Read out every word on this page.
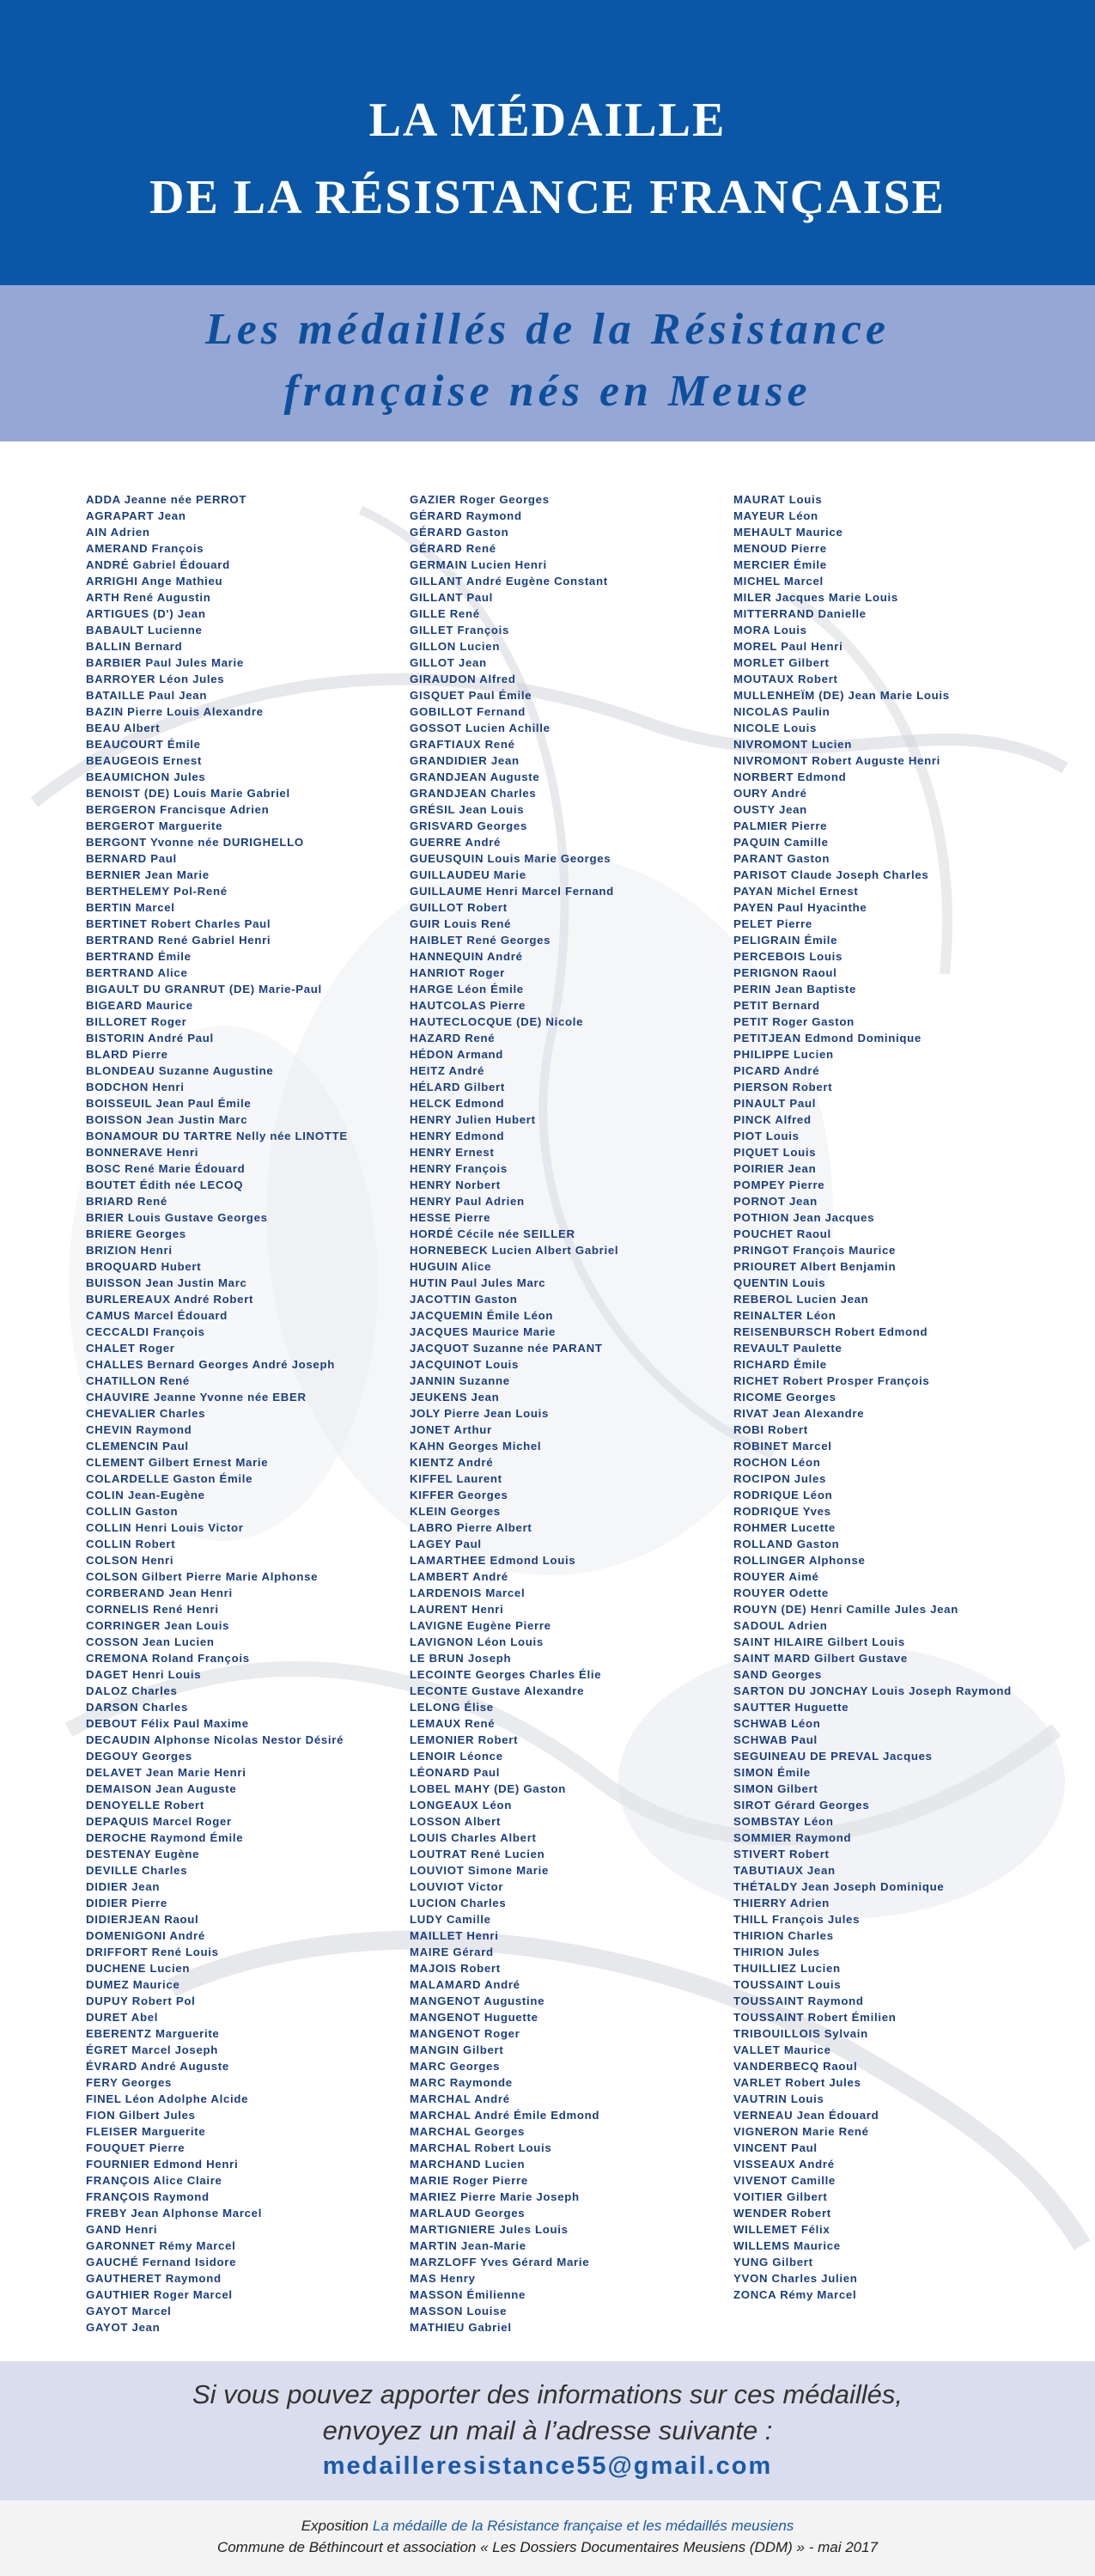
LA MÉDAILLE
DE LA RÉSISTANCE FRANÇAISE
Les médaillés de la Résistance
française nés en Meuse
ADDA Jeanne née PERROT
AGRAPART Jean
AIN Adrien
AMERAND François
ANDRÉ Gabriel Édouard
ARRIGHI Ange Mathieu
ARTH René Augustin
ARTIGUES (D') Jean
BABAULT Lucienne
BALLIN Bernard
BARBIER Paul Jules Marie
BARROYER Léon Jules
BATAILLE Paul Jean
BAZIN Pierre Louis Alexandre
BEAU Albert
BEAUCOURT Émile
BEAUGEOIS Ernest
BEAUMICHON Jules
BENOIST (DE) Louis Marie Gabriel
BERGERON Francisque Adrien
BERGEROT Marguerite
BERGONT Yvonne née DURIGHELLO
BERNARD Paul
BERNIER Jean Marie
BERTHELEMY Pol-René
BERTIN Marcel
BERTINET Robert Charles Paul
BERTRAND René Gabriel Henri
BERTRAND Émile
BERTRAND Alice
BIGAULT DU GRANRUT (DE) Marie-Paul
BIGEARD Maurice
BILLORET Roger
BISTORIN André Paul
BLARD Pierre
BLONDEAU Suzanne Augustine
BODCHON Henri
BOISSEUIL Jean Paul Émile
BOISSON Jean Justin Marc
BONAMOUR DU TARTRE Nelly née LINOTTE
BONNERAVE Henri
BOSC René Marie Édouard
BOUTET Édith née LECOQ
BRIARD René
BRIER Louis Gustave Georges
BRIERE Georges
BRIZION Henri
BROQUARD Hubert
BUISSON Jean Justin Marc
BURLEREAUX André Robert
CAMUS Marcel Édouard
CECCALDI François
CHALET Roger
CHALLES Bernard Georges André Joseph
CHATILLON René
CHAUVIRE Jeanne Yvonne née EBER
CHEVALIER Charles
CHEVIN Raymond
CLEMENCIN Paul
CLEMENT Gilbert Ernest Marie
COLARDELLE Gaston Émile
COLIN Jean-Eugène
COLLIN Gaston
COLLIN Henri Louis Victor
COLLIN Robert
COLSON Henri
COLSON Gilbert Pierre Marie Alphonse
CORBERAND Jean Henri
CORNELIS René Henri
CORRINGER Jean Louis
COSSON Jean Lucien
CREMONA Roland François
DAGET Henri Louis
DALOZ Charles
DARSON Charles
DEBOUT Félix Paul Maxime
DECAUDIN Alphonse Nicolas Nestor Désiré
DEGOUY Georges
DELAVET Jean Marie Henri
DEMAISON Jean Auguste
DENOYELLE Robert
DEPAQUIS Marcel Roger
DEROCHE Raymond Émile
DESTENAY Eugène
DEVILLE Charles
DIDIER Jean
DIDIER Pierre
DIDIERJEAN Raoul
DOMENIGONI André
DRIFFORT René Louis
DUCHENE Lucien
DUMEZ Maurice
DUPUY Robert Pol
DURET Abel
EBERENTZ Marguerite
ÉGRET Marcel Joseph
ÉVRARD André Auguste
FERY Georges
FINEL Léon Adolphe Alcide
FION Gilbert Jules
FLEISER Marguerite
FOUQUET Pierre
FOURNIER Edmond Henri
FRANÇOIS Alice Claire
FRANÇOIS Raymond
FREBY Jean Alphonse Marcel
GAND Henri
GARONNET Rémy Marcel
GAUCHÉ Fernand Isidore
GAUTHERET Raymond
GAUTHIER Roger Marcel
GAYOT Marcel
GAYOT Jean
GAZIER Roger Georges
GÉRARD Raymond
GÉRARD Gaston
GÉRARD René
GERMAIN Lucien Henri
GILLANT André Eugène Constant
GILLANT Paul
GILLE René
GILLET François
GILLON Lucien
GILLOT Jean
GIRAUDON Alfred
GISQUET Paul Émile
GOBILLOT Fernand
GOSSOT Lucien Achille
GRAFTIAUX René
GRANDIDIER Jean
GRANDJEAN Auguste
GRANDJEAN Charles
GRÉSIL Jean Louis
GRISVARD Georges
GUERRE André
GUEUSQUIN Louis Marie Georges
GUILLAUDEU Marie
GUILLAUME Henri Marcel Fernand
GUILLOT Robert
GUIR Louis René
HAIBLET René Georges
HANNEQUIN André
HANRIOT Roger
HARGE Léon Émile
HAUTCOLAS Pierre
HAUTECLOCQUE (DE) Nicole
HAZARD René
HÉDON Armand
HEITZ André
HÉLARD Gilbert
HELCK Edmond
HENRY Julien Hubert
HENRY Edmond
HENRY Ernest
HENRY François
HENRY Norbert
HENRY Paul Adrien
HESSE Pierre
HORDÉ Cécile née SEILLER
HORNEBECK Lucien Albert Gabriel
HUGUIN Alice
HUTIN Paul Jules Marc
JACOTTIN Gaston
JACQUEMIN Émile Léon
JACQUES Maurice Marie
JACQUOT Suzanne née PARANT
JACQUINOT Louis
JANNIN Suzanne
JEUKENS Jean
JOLY Pierre Jean Louis
JONET Arthur
KAHN Georges Michel
KIENTZ André
KIFFEL Laurent
KIFFER Georges
KLEIN Georges
LABRO Pierre Albert
LAGEY Paul
LAMARTHEE Edmond Louis
LAMBERT André
LARDENOIS Marcel
LAURENT Henri
LAVIGNE Eugène Pierre
LAVIGNON Léon Louis
LE BRUN Joseph
LECOINTE Georges Charles Élie
LECONTE Gustave Alexandre
LELONG Élise
LEMAUX René
LEMONIER Robert
LENOIR Léonce
LÉONARD Paul
LOBEL MAHY (DE) Gaston
LONGEAUX Léon
LOSSON Albert
LOUIS Charles Albert
LOUTRAT René Lucien
LOUVIOT Simone Marie
LOUVIOT Victor
LUCION Charles
LUDY Camille
MAILLET Henri
MAIRE Gérard
MAJOIS Robert
MALAMARD André
MANGENOT Augustine
MANGENOT Huguette
MANGENOT Roger
MANGIN Gilbert
MARC Georges
MARC Raymonde
MARCHAL André
MARCHAL André Émile Edmond
MARCHAL Georges
MARCHAL Robert Louis
MARCHAND Lucien
MARIE Roger Pierre
MARIEZ Pierre Marie Joseph
MARLAUD Georges
MARTIGNIERE Jules Louis
MARTIN Jean-Marie
MARZLOFF Yves Gérard Marie
MAS Henry
MASSON Émilienne
MASSON Louise
MATHIEU Gabriel
MAURAT Louis
MAYEUR Léon
MEHAULT Maurice
MENOUD Pierre
MERCIER Émile
MICHEL Marcel
MILER Jacques Marie Louis
MITTERRAND Danielle
MORA Louis
MOREL Paul Henri
MORLET Gilbert
MOUTAUX Robert
MULLENHEÏM (DE) Jean Marie Louis
NICOLAS Paulin
NICOLE Louis
NIVROMONT Lucien
NIVROMONT Robert Auguste Henri
NORBERT Edmond
OURY André
OUSTY Jean
PALMIER Pierre
PAQUIN Camille
PARANT Gaston
PARISOT Claude Joseph Charles
PAYAN Michel Ernest
PAYEN Paul Hyacinthe
PELET Pierre
PELIGRAIN Émile
PERCEBOIS Louis
PERIGNON Raoul
PERIN Jean Baptiste
PETIT Bernard
PETIT Roger Gaston
PETITJEAN Edmond Dominique
PHILIPPE Lucien
PICARD André
PIERSON Robert
PINAULT Paul
PINCK Alfred
PIOT Louis
PIQUET Louis
POIRIER Jean
POMPEY Pierre
PORNOT Jean
POTHION Jean Jacques
POUCHET Raoul
PRINGOT François Maurice
PRIOURET Albert Benjamin
QUENTIN Louis
REBEROL Lucien Jean
REINALTER Léon
REISENBURSCH Robert Edmond
REVAULT Paulette
RICHARD Émile
RICHET Robert Prosper François
RICOME Georges
RIVAT Jean Alexandre
ROBI Robert
ROBINET Marcel
ROCHON Léon
ROCIPON Jules
RODRIQUE Léon
RODRIQUE Yves
ROHMER Lucette
ROLLAND Gaston
ROLLINGER Alphonse
ROUYER Aimé
ROUYER Odette
ROUYN (DE) Henri Camille Jules Jean
SADOUL Adrien
SAINT HILAIRE Gilbert Louis
SAINT MARD Gilbert Gustave
SAND Georges
SARTON DU JONCHAY Louis Joseph Raymond
SAUTTER Huguette
SCHWAB Léon
SCHWAB Paul
SEGUINEAU DE PREVAL Jacques
SIMON Émile
SIMON Gilbert
SIROT Gérard Georges
SOMBSTAY Léon
SOMMIER Raymond
STIVERT Robert
TABUTIAUX Jean
THÉTALDY Jean Joseph Dominique
THIERRY Adrien
THILL François Jules
THIRION Charles
THIRION Jules
THUILLIEZ Lucien
TOUSSAINT Louis
TOUSSAINT Raymond
TOUSSAINT Robert Émilien
TRIBOUILLOIS Sylvain
VALLET Maurice
VANDERBECQ Raoul
VARLET Robert Jules
VAUTRIN Louis
VERNEAU Jean Édouard
VIGNERON Marie René
VINCENT Paul
VISSEAUX André
VIVENOT Camille
VOITIER Gilbert
WENDER Robert
WILLEMET Félix
WILLEMS Maurice
YUNG Gilbert
YVON Charles Julien
ZONCA Rémy Marcel

Si vous pouvez apporter des informations sur ces médaillés,

envoyez un mail à l’adresse suivante :

medailleresistance55@gmail.com

Exposition La médaille de la Résistance française et les médaillés meusiens

Commune de Béthincourt et association « Les Dossiers Documentaires Meusiens (DDM) » - mai 2017
